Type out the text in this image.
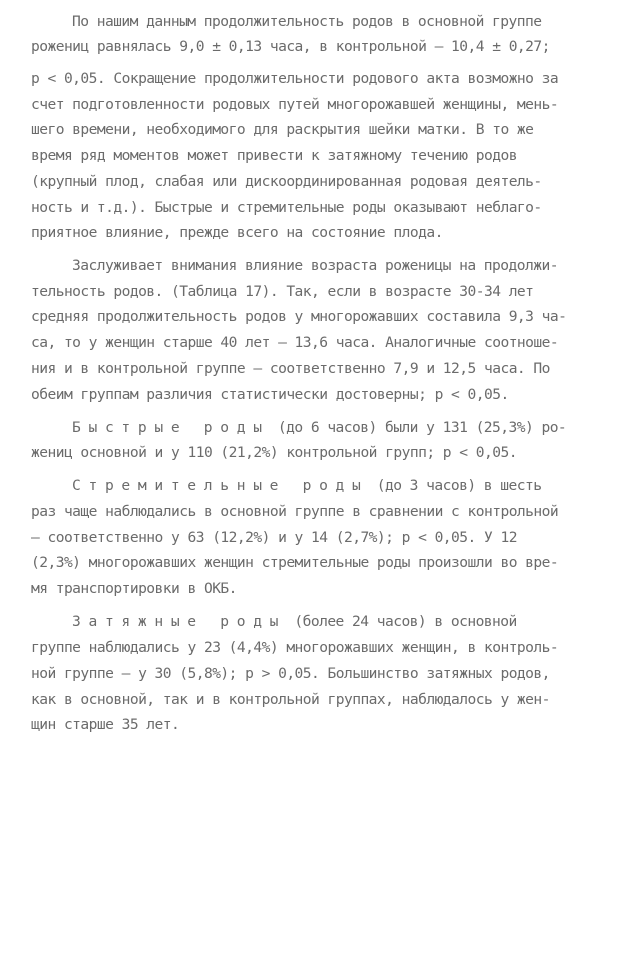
По нашим данным продолжительность родов в основной группе
рожениц равнялась 9,0 ± 0,13 часа, в контрольной – 10,4 ± 0,27;
р < 0,05. Сокращение продолжительности родового акта возможно за
счет подготовленности родовых путей многорожавшей женщины, мень-
шего времени, необходимого для раскрытия шейки матки. В то же
время ряд моментов может привести к затяжному течению родов
(крупный плод, слабая или дискоординированная родовая деятель-
ность и т.д.). Быстрые и стремительные роды оказывают неблаго-
приятное влияние, прежде всего на состояние плода.
Заслуживает внимания влияние возраста роженицы на продолжи-
тельность родов. (Таблица 17). Так, если в возрасте 30-34 лет
средняя продолжительность родов у многорожавших составила 9,3 ча-
са, то у женщин старше 40 лет – 13,6 часа. Аналогичные соотноше-
ния и в контрольной группе – соответственно 7,9 и 12,5 часа. По
обеим группам различия статистически достоверны; р < 0,05.
Б ы с т р ы е   р о д ы  (до 6 часов) были у 131 (25,3%) ро-
жениц основной и у 110 (21,2%) контрольной групп; р < 0,05.
С т р е м и т е л ь н ы е   р о д ы  (до 3 часов) в шесть
раз чаще наблюдались в основной группе в сравнении с контрольной
– соответственно у 63 (12,2%) и у 14 (2,7%); р < 0,05. У 12
(2,3%) многорожавших женщин стремительные роды произошли во вре-
мя транспортировки в ОКБ.
З а т я ж н ы е   р о д ы  (более 24 часов) в основной
группе наблюдались у 23 (4,4%) многорожавших женщин, в контроль-
ной группе – у 30 (5,8%); р > 0,05. Большинство затяжных родов,
как в основной, так и в контрольной группах, наблюдалось у жен-
щин старше 35 лет.
